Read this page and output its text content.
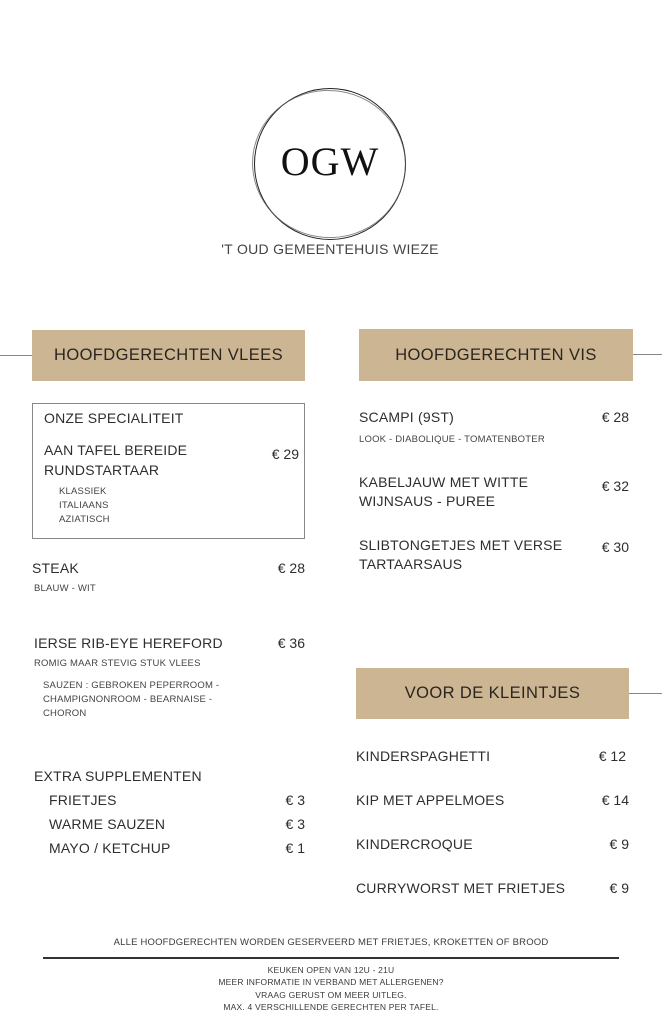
OGW
'T OUD GEMEENTEHUIS WIEZE
HOOFDGERECHTEN VLEES
ONZE SPECIALITEIT
AAN TAFEL BEREIDE
RUNDSTARTAAR
€ 29
KLASSIEK
ITALIAANS
AZIATISCH
STEAK	€ 28
BLAUW - WIT
IERSE RIB-EYE HEREFORD	€ 36
ROMIG MAAR STEVIG STUK VLEES
SAUZEN : GEBROKEN PEPERROOM -
CHAMPIGNONROOM - BEARNAISE -
CHORON
EXTRA SUPPLEMENTEN
FRIETJES	€ 3
WARME SAUZEN	€ 3
MAYO / KETCHUP	€ 1
HOOFDGERECHTEN VIS
SCAMPI (9ST)	€ 28
LOOK - DIABOLIQUE - TOMATENBOTER
KABELJAUW MET WITTE
WIJNSAUS - PUREE
€ 32
SLIBTONGETJES MET VERSE
TARTAARSAUS
€ 30
VOOR DE KLEINTJES
KINDERSPAGHETTI	€ 12
KIP MET APPELMOES	€ 14
KINDERCROQUE	€ 9
CURRYWORST MET FRIETJES	€ 9
ALLE HOOFDGERECHTEN WORDEN GESERVEERD MET FRIETJES, KROKETTEN OF BROOD
KEUKEN OPEN VAN 12U - 21U
MEER INFORMATIE IN VERBAND MET ALLERGENEN?
VRAAG GERUST OM MEER UITLEG.
MAX. 4 VERSCHILLENDE GERECHTEN PER TAFEL.
